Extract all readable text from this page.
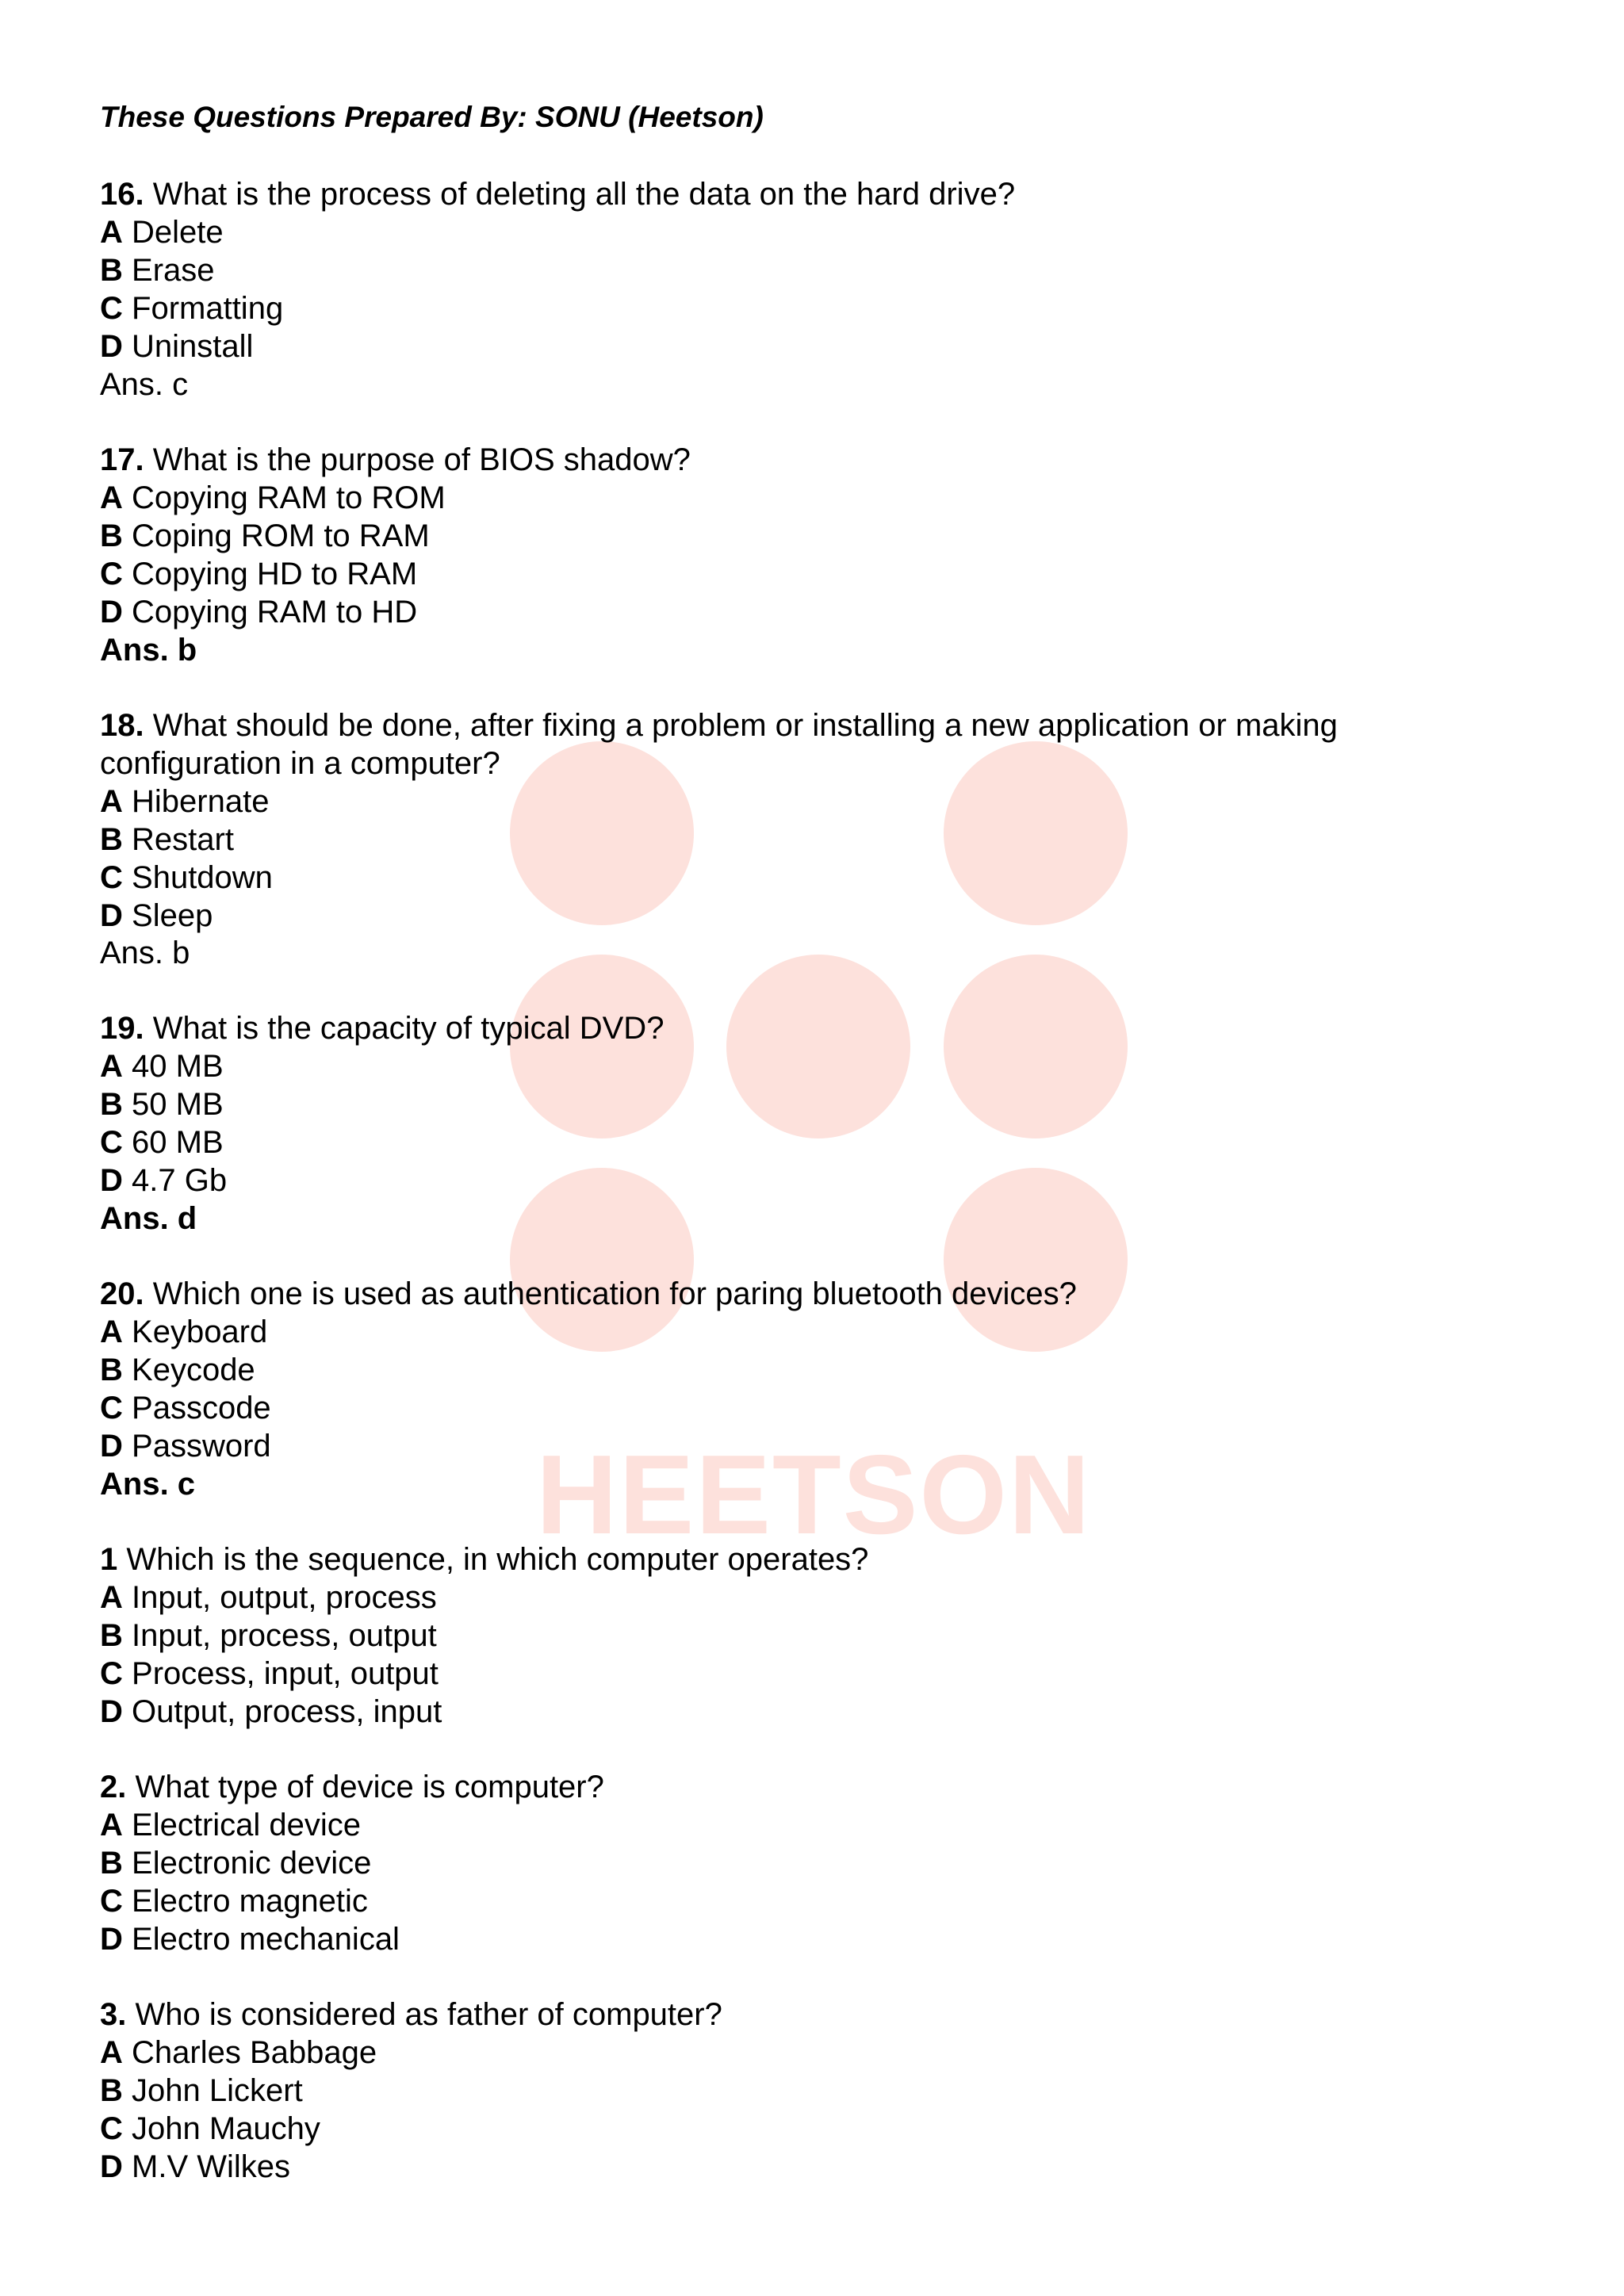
HEETSON
These Questions Prepared By: SONU (Heetson)
16. What is the process of deleting all the data on the hard drive?
A Delete
B Erase
C Formatting
D Uninstall
Ans. c
17. What is the purpose of BIOS shadow?
A Copying RAM to ROM
B Coping ROM to RAM
C Copying HD to RAM
D Copying RAM to HD
Ans. b
18. What should be done, after fixing a problem or installing a new application or making
configuration in a computer?
A Hibernate
B Restart
C Shutdown
D Sleep
Ans. b
19. What is the capacity of typical DVD?
A 40 MB
B 50 MB
C 60 MB
D 4.7 Gb
Ans. d
20. Which one is used as authentication for paring bluetooth devices?
A Keyboard
B Keycode
C Passcode
D Password
Ans. c
1 Which is the sequence, in which computer operates?
A Input, output, process
B Input, process, output
C Process, input, output
D Output, process, input
2. What type of device is computer?
A Electrical device
B Electronic device
C Electro magnetic
D Electro mechanical
3. Who is considered as father of computer?
A Charles Babbage
B John Lickert
C John Mauchy
D M.V Wilkes
